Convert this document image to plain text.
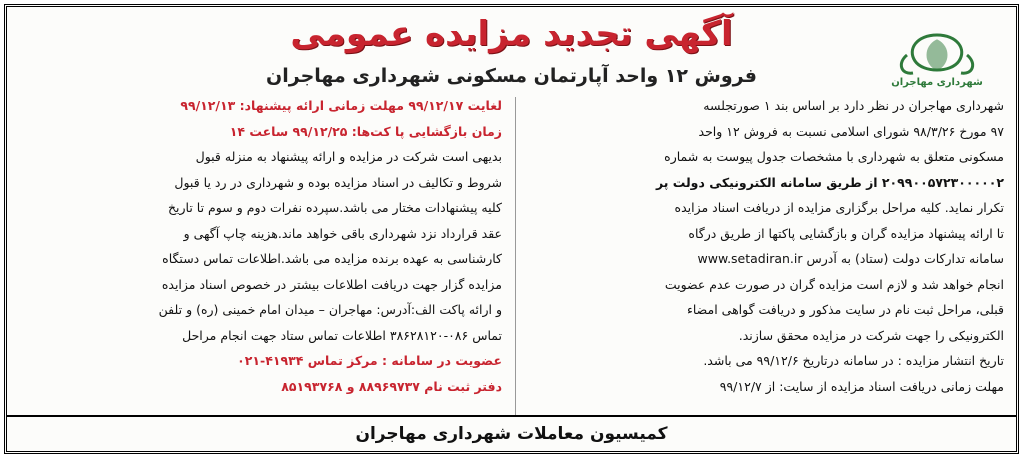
شهرداری مهاجران
آگهی تجدید مزایده عمومی
فروش ۱۲ واحد آپارتمان مسکونی شهرداری مهاجران

شهرداری مهاجران در نظر دارد بر اساس بند ۱ صورتجلسه

۹۷ مورخ ۹۸/۳/۲۶ شورای اسلامی نسبت به فروش ۱۲ واحد

مسکونی متعلق به شهرداری با مشخصات جدول پیوست به شماره

۲۰۹۹۰۰۵۷۲۳۰۰۰۰۰۲ از طریق سامانه الکترونیکی دولت پر

تکرار نماید. کلیه مراحل برگزاری مزایده از دریافت اسناد مزایده

تا ارائه پیشنهاد مزایده گران و بازگشایی پاکتها از طریق درگاه

سامانه تدارکات دولت (ستاد) به آدرس www.setadiran.ir

انجام خواهد شد و لازم است مزایده گران در صورت عدم عضویت

قبلی، مراحل ثبت نام در سایت مذکور و دریافت گواهی امضاء

الکترونیکی را جهت شرکت در مزایده محقق سازند.

تاریخ انتشار مزایده : در سامانه درتاریخ ۹۹/۱۲/۶ می باشد.

مهلت زمانی دریافت اسناد مزایده از سایت: از ۹۹/۱۲/۷

لغایت ۹۹/۱۲/۱۷ مهلت زمانی ارائه پیشنهاد: ۹۹/۱۲/۱۳

زمان بازگشایی پا کت‌ها: ۹۹/۱۲/۲۵ ساعت ۱۴

بدیهی است شرکت در مزایده و ارائه پیشنهاد به منزله قبول

شروط و تکالیف در اسناد مزایده بوده و شهرداری در رد یا قبول

کلیه پیشنهادات مختار می باشد.سپرده نفرات دوم و سوم تا تاریخ

عقد قرارداد نزد شهرداری باقی خواهد ماند.هزینه چاپ آگهی و

کارشناسی به عهده برنده مزایده می باشد.اطلاعات تماس دستگاه

مزایده گزار جهت دریافت اطلاعات بیشتر در خصوص اسناد مزایده

و ارائه پاکت الف:آدرس: مهاجران – میدان امام خمینی (ره) و تلفن

تماس ۰۸۶-۳۸۶۲۸۱۲۰ اطلاعات تماس ستاد جهت انجام مراحل

عضویت در سامانه : مرکز تماس ۴۱۹۳۴-۰۲۱

دفتر ثبت نام ۸۸۹۶۹۷۳۷ و ۸۵۱۹۳۷۶۸

کمیسیون معاملات شهرداری مهاجران
